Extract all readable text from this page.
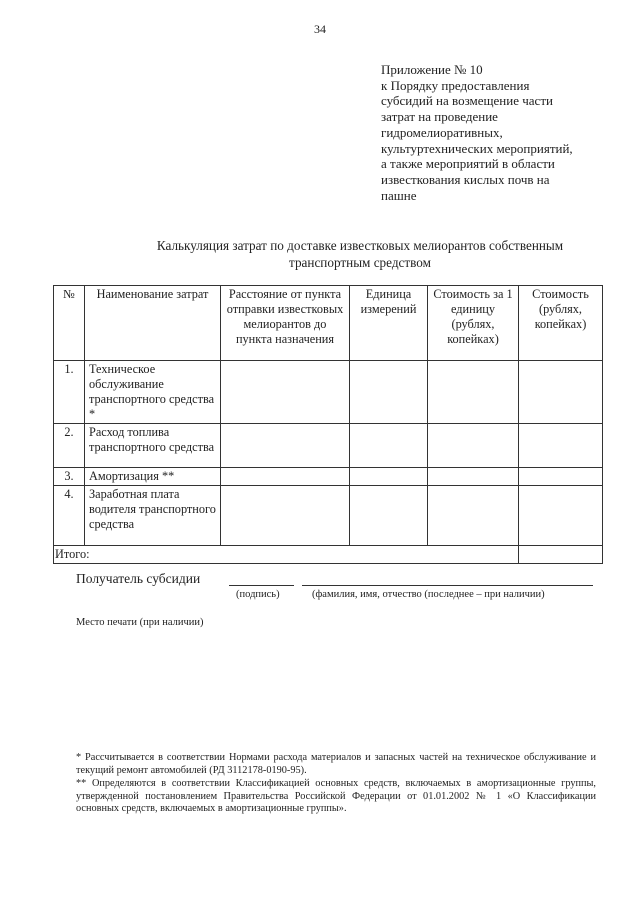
34
Приложение № 10
к Порядку предоставления
субсидий на возмещение части
затрат на проведение
гидромелиоративных,
культуртехнических мероприятий,
а также мероприятий в области
известкования кислых почв на
пашне
Калькуляция затрат по доставке известковых мелиорантов собственным
транспортным средством
№	Наименование затрат	Расстояние от пункта отправки известковых мелиорантов до пункта назначения	Единица измерений	Стоимость за 1 единицу (рублях, копейках)	Стоимость (рублях, копейках)
1.	Техническое обслуживание транспортного средства *				
2.	Расход топлива транспортного средства				
3.	Амортизация **				
4.	Заработная плата водителя транспортного средства				
Итого:					
Получатель субсидии
(подпись)	(фамилия, имя, отчество (последнее – при наличии)
Место печати (при наличии)
* Рассчитывается в соответствии Нормами расхода материалов и запасных частей на техническое обслуживание и текущий ремонт автомобилей (РД 3112178-0190-95).
** Определяются в соответствии Классификацией основных средств, включаемых в амортизационные группы, утвержденной постановлением Правительства Российской Федерации от 01.01.2002 № 1 «О Классификации основных средств, включаемых в амортизационные группы».
